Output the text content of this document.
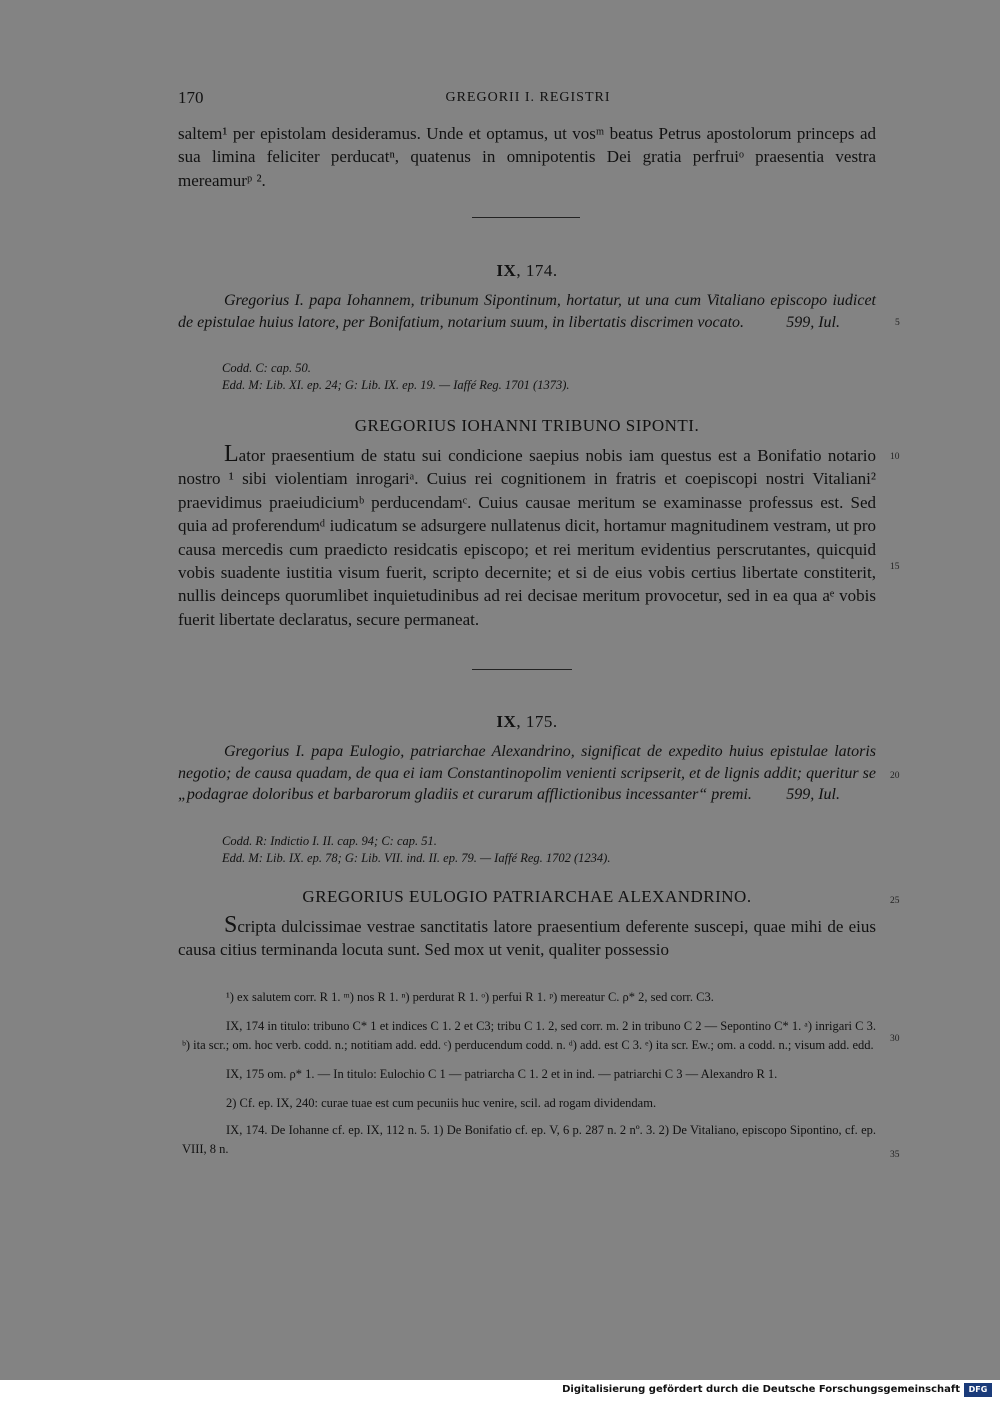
170	GREGORII I. REGISTRI

saltem¹ per epistolam desideramus. Unde et optamus, ut vosᵐ beatus Petrus apostolorum princeps ad sua limina feliciter perducatⁿ, quatenus in omnipotentis Dei gratia perfruiᵒ praesentia vestra mereamurᵖ ².

IX, 174.
Gregorius I. papa Iohannem, tribunum Sipontinum, hortatur, ut una cum Vitaliano episcopo iudicet de epistulae huius latore, per Bonifatium, notarium suum, in libertatis discrimen vocato.	599, Iul.
Codd. C: cap. 50.
Edd. M: Lib. XI. ep. 24; G: Lib. IX. ep. 19. — Iaffé Reg. 1701 (1373).
GREGORIUS IOHANNI TRIBUNO SIPONTI.

Lator praesentium de statu sui condicione saepius nobis iam questus est a Bonifatio notario nostro ¹ sibi violentiam inrogariᵃ. Cuius rei cognitionem in fratris et coepiscopi nostri Vitaliani² praevidimus praeiudiciumᵇ perducendamᶜ. Cuius causae meritum se examinasse professus est. Sed quia ad proferendumᵈ iudicatum se adsurgere nullatenus dicit, hortamur magnitudinem vestram, ut pro causa mercedis cum praedicto residcatis episcopo; et rei meritum evidentius perscrutantes, quicquid vobis suadente iustitia visum fuerit, scripto decernite; et si de eius vobis certius libertate constiterit, nullis deinceps quorumlibet inquietudinibus ad rei decisae meritum provocetur, sed in ea qua aᵉ vobis fuerit libertate declaratus, secure permaneat.

IX, 175.
Gregorius I. papa Eulogio, patriarchae Alexandrino, significat de expedito huius epistulae latoris negotio; de causa quadam, de qua ei iam Constantinopolim venienti scripserit, et de lignis addit; queritur se „podagrae doloribus et barbarorum gladiis et curarum afflictionibus incessanter“ premi. 599, Iul.
Codd. R: Indictio I. II. cap. 94; C: cap. 51.
Edd. M: Lib. IX. ep. 78; G: Lib. VII. ind. II. ep. 79. — Iaffé Reg. 1702 (1234).
GREGORIUS EULOGIO PATRIARCHAE ALEXANDRINO.

Scripta dulcissimae vestrae sanctitatis latore praesentium deferente suscepi, quae mihi de eius causa citius terminanda locuta sunt. Sed mox ut venit, qualiter possessio

5
10
15
20
25
30
35

¹) ex salutem corr. R 1. ᵐ) nos R 1. ⁿ) perdurat R 1. ᵒ) perfui R 1. ᵖ) mereatur C. ρ* 2, sed corr. C3.

IX, 174 in titulo: tribuno C* 1 et indices C 1. 2 et C3; tribu C 1. 2, sed corr. m. 2 in tribuno C 2 — Sepontino C* 1. ᵃ) inrigari C 3. ᵇ) ita scr.; om. hoc verb. codd. n.; notitiam add. edd. ᶜ) perducendum codd. n. ᵈ) add. est C 3. ᵉ) ita scr. Ew.; om. a codd. n.; visum add. edd.

IX, 175 om. ρ* 1. — In titulo: Eulochio C 1 — patriarcha C 1. 2 et in ind. — patriarchi C 3 — Alexandro R 1.

2) Cf. ep. IX, 240: curae tuae est cum pecuniis huc venire, scil. ad rogam dividendam.

IX, 174. De Iohanne cf. ep. IX, 112 n. 5. 1) De Bonifatio cf. ep. V, 6 p. 287 n. 2 nº. 3. 2) De Vitaliano, episcopo Sipontino, cf. ep. VIII, 8 n.

Digitalisierung gefördert durch die Deutsche Forschungsgemeinschaft	DFG
